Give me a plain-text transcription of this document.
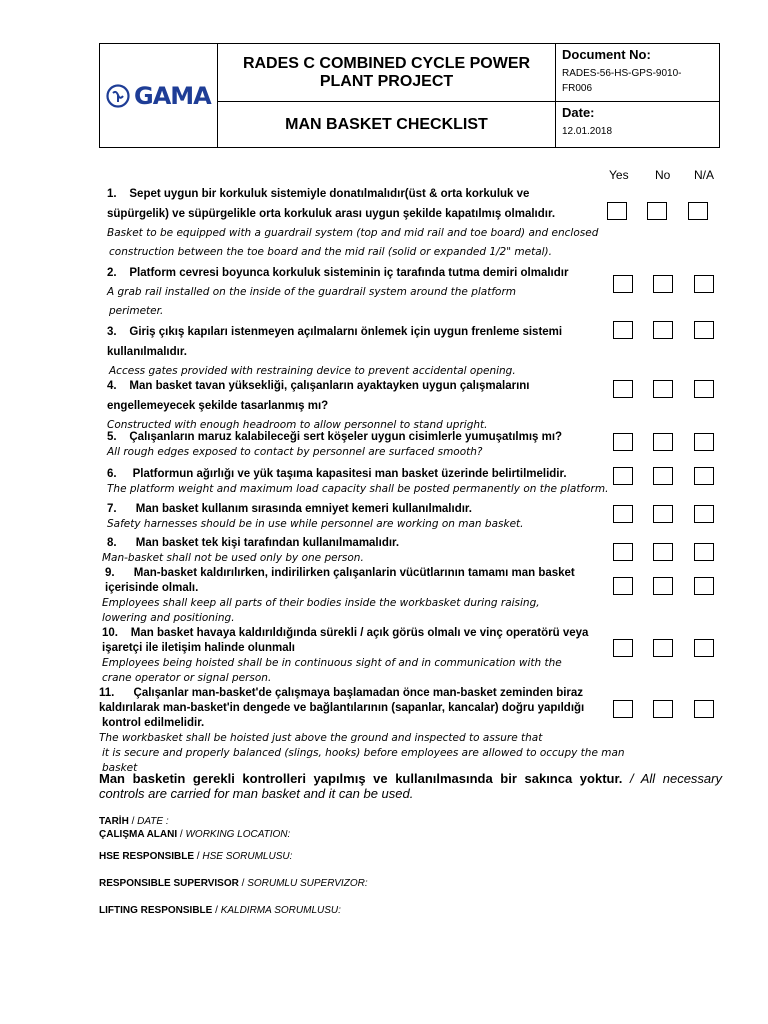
GAMA
RADES C COMBINED CYCLE POWER PLANT PROJECT
MAN BASKET CHECKLIST
Document No:
RADES-56-HS-GPS-9010-FR006
Date:
12.01.2018
Yes No N/A
1. Sepet uygun bir korkuluk sistemiyle donatılmalıdır(üst & orta korkuluk ve
süpürgelik) ve süpürgelikle orta korkuluk arası uygun şekilde kapatılmış olmalıdır.
Basket to be equipped with a guardrail system (top and mid rail and toe board) and enclosed
construction between the toe board and the mid rail (solid or expanded 1/2" metal).
2. Platform cevresi boyunca korkuluk sisteminin iç tarafında tutma demiri olmalıdır
A grab rail installed on the inside of the guardrail system around the platform
perimeter.
3. Giriş çıkış kapıları istenmeyen açılmalarnı önlemek için uygun frenleme sistemi
kullanılmalıdır.
Access gates provided with restraining device to prevent accidental opening.
4. Man basket tavan yüksekliği, çalışanların ayaktayken uygun çalışmalarını
engellemeyecek şekilde tasarlanmış mı?
Constructed with enough headroom to allow personnel to stand upright.
5. Çalışanların maruz kalabileceği sert köşeler uygun cisimlerle yumuşatılmış mı?
All rough edges exposed to contact by personnel are surfaced smooth?
6. Platformun ağırlığı ve yük taşıma kapasitesi man basket üzerinde belirtilmelidir.
The platform weight and maximum load capacity shall be posted permanently on the platform.
7. Man basket kullanım sırasında emniyet kemeri kullanılmalıdır.
Safety harnesses should be in use while personnel are working on man basket.
8. Man basket tek kişi tarafından kullanılmamalıdır.
Man-basket shall not be used only by one person.
9. Man-basket kaldırılırken, indirilirken çalışanlarin vücütlarının tamamı man basket
içerisinde olmalı.
Employees shall keep all parts of their bodies inside the workbasket during raising,
lowering and positioning.
10. Man basket havaya kaldırıldığında sürekli / açık görüs olmalı ve vinç operatörü veya
işaretçi ile iletişim halinde olunmalı
Employees being hoisted shall be in continuous sight of and in communication with the
crane operator or signal person.
11. Çalışanlar man-basket'de çalışmaya başlamadan önce man-basket zeminden biraz
kaldırılarak man-basket'in dengede ve bağlantılarının (sapanlar, kancalar) doğru yapıldığı
kontrol edilmelidir.
The workbasket shall be hoisted just above the ground and inspected to assure that
it is secure and properly balanced (slings, hooks) before employees are allowed to occupy the man basket
Man basketin gerekli kontrolleri yapılmış ve kullanılmasında bir sakınca yoktur. / All necessary controls are carried for man basket and it can be used.
TARİH / DATE :
ÇALIŞMA ALANI / WORKING LOCATION:
HSE RESPONSIBLE / HSE SORUMLUSU:
RESPONSIBLE SUPERVISOR / SORUMLU SUPERVIZOR:
LIFTING RESPONSIBLE / KALDIRMA SORUMLUSU:
